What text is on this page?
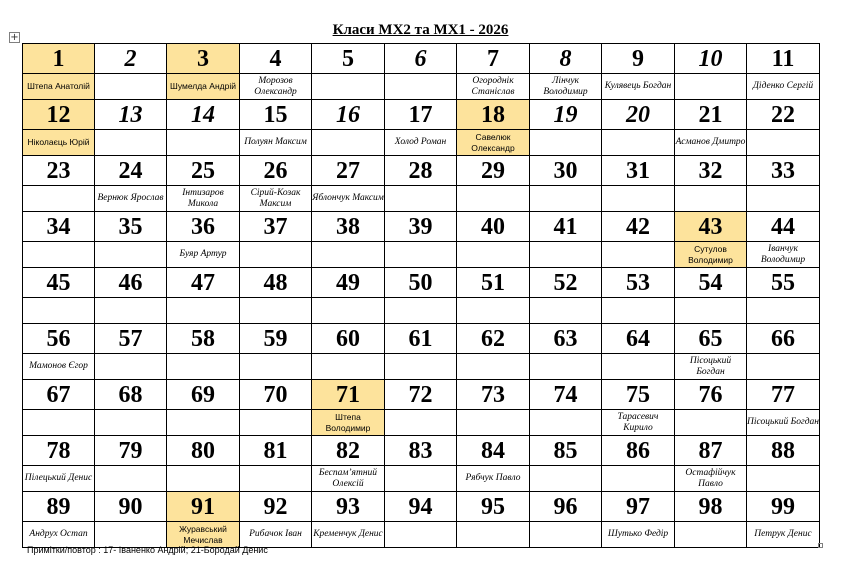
+	Класи МХ2 та МХ1 - 2026
1	2	3	4	5	6	7	8	9	10	11

Штепа Анатолій		Шумелда Андрій	Морозов Олександр			Огороднік Станіслав	Лінчук Володимир	Кулявець Богдан		Діденко Сергій

12	13	14	15	16	17	18	19	20	21	22

Ніколаєць Юрій			Полуян Максим		Холод Роман	Савелюк Олександр			Асманов Дмитро	

23	24	25	26	27	28	29	30	31	32	33

	Вернюк Ярослав	Інтизаров Микола	Сірий-Козак Максим	Яблончук Максим						

34	35	36	37	38	39	40	41	42	43	44

		Буяр Артур							Сутулов Володимир	Іванчук Володимир

45	46	47	48	49	50	51	52	53	54	55

56	57	58	59	60	61	62	63	64	65	66

Мамонов Єгор									Пісоцький Богдан	

67	68	69	70	71	72	73	74	75	76	77

				Штепа Володимир				Тарасевич Кирило		Пісоцький Богдан

78	79	80	81	82	83	84	85	86	87	88

Пілецький Денис				Беспам’ятний Олексій		Рябчук Павло			Остафійчук Павло	

89	90	91	92	93	94	95	96	97	98	99

Андрух Остап		Журавський Мечислав	Рибачок Іван	Кременчук Денис				Шутько Федір		Петрук Денис
Примітки/повтор : 17- Іваненко Андрій; 21-Бородай Денис
